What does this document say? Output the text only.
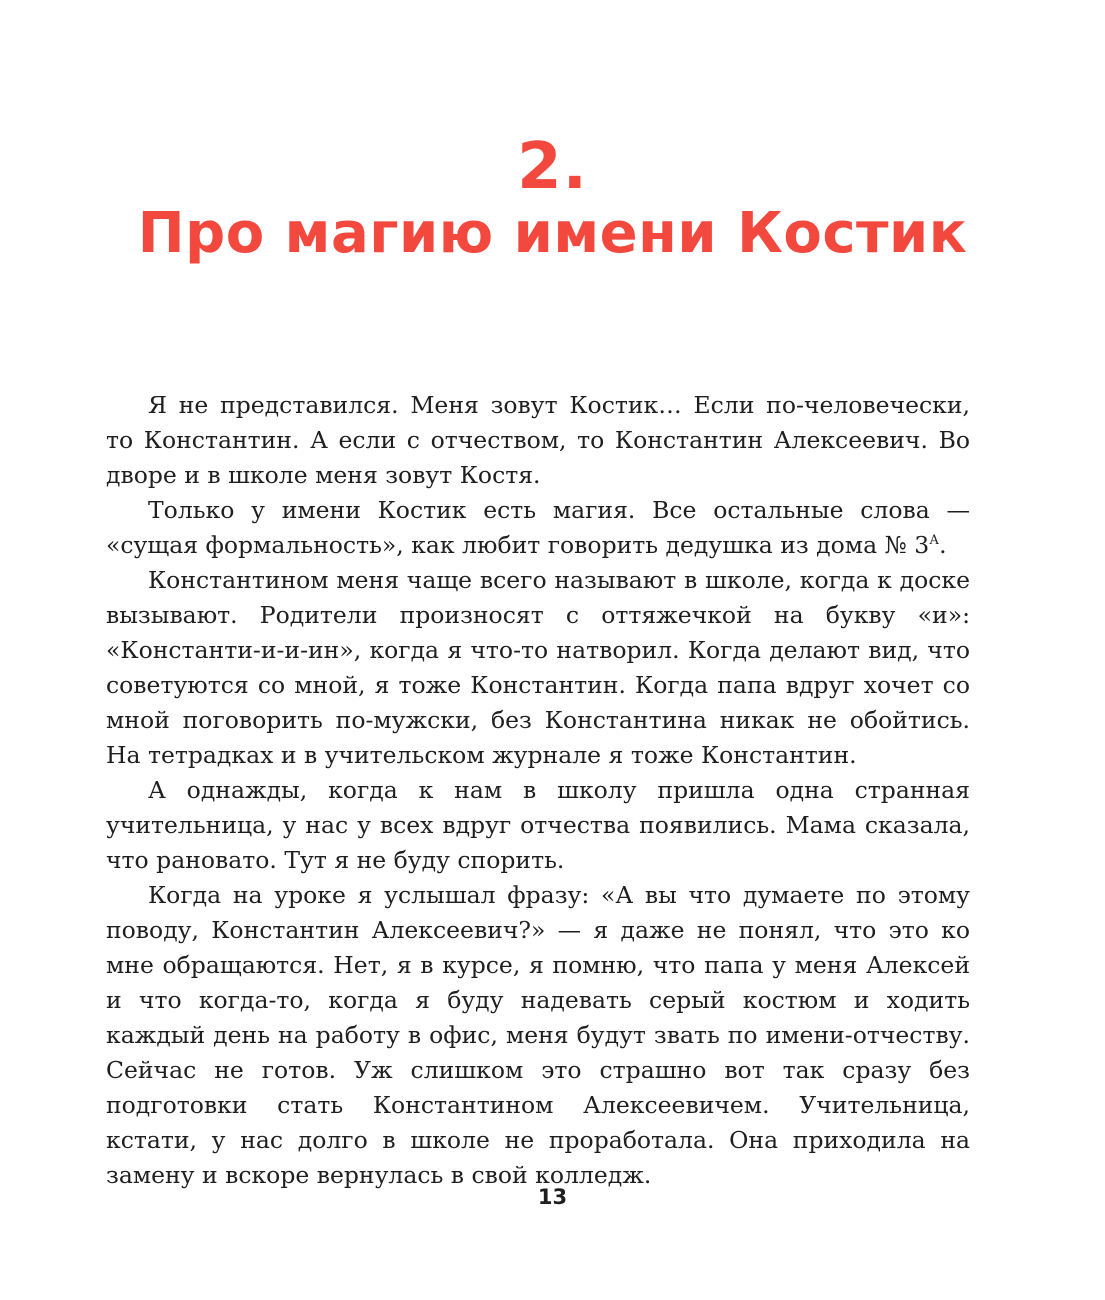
2.
Про магию имени Костик

Я не представился. Меня зовут Костик… Если по-человечески, то Константин. А если с отчеством, то Константин Алексеевич. Во дворе и в школе меня зовут Костя.

Только у имени Костик есть магия. Все остальные слова — «сущая формальность», как любит говорить дедушка из дома № $3^А$.

Константином меня чаще всего называют в школе, когда к доске вызывают. Родители произносят с оттяжечкой на букву «и»: «Константи-и-и-ин», когда я что-то натворил. Когда делают вид, что советуются со мной, я тоже Константин. Когда папа вдруг хочет со мной поговорить по-мужски, без Константина никак не обойтись. На тетрадках и в учительском журнале я тоже Константин.

А однажды, когда к нам в школу пришла одна странная учительница, у нас у всех вдруг отчества появились. Мама сказала, что рановато. Тут я не буду спорить.

Когда на уроке я услышал фразу: «А вы что думаете по этому поводу, Константин Алексеевич?» — я даже не понял, что это ко мне обращаются. Нет, я в курсе, я помню, что папа у меня Алексей и что когда-то, когда я буду надевать серый костюм и ходить каждый день на работу в офис, меня будут звать по имени-отчеству. Сейчас не готов. Уж слишком это страшно вот так сразу без подготовки стать Константином Алексеевичем. Учительница, кстати, у нас долго в школе не проработала. Она приходила на замену и вскоре вернулась в свой колледж.

13
